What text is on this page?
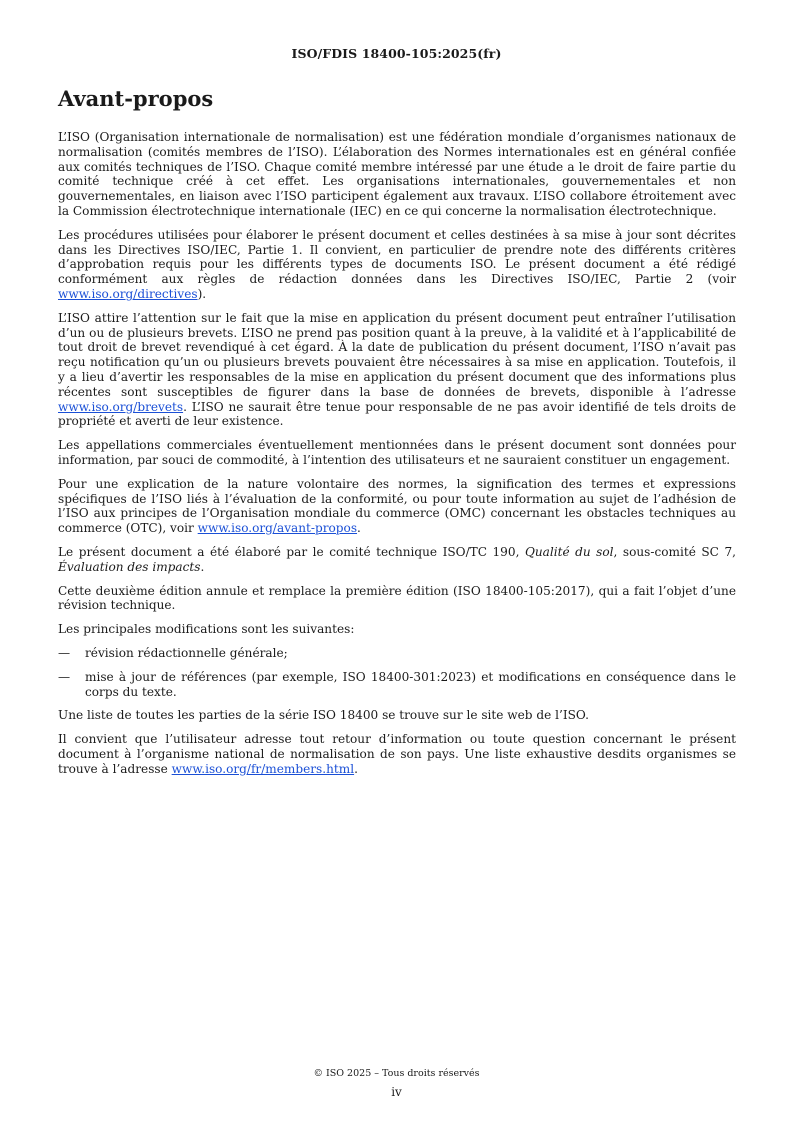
ISO/FDIS 18400-105:2025(fr)
Avant-propos

L’ISO (Organisation internationale de normalisation) est une fédération mondiale d’organismes nationaux de normalisation (comités membres de l’ISO). L’élaboration des Normes internationales est en général confiée aux comités techniques de l’ISO. Chaque comité membre intéressé par une étude a le droit de faire partie du comité technique créé à cet effet. Les organisations internationales, gouvernementales et non gouvernementales, en liaison avec l’ISO participent également aux travaux. L’ISO collabore étroitement avec la Commission électrotechnique internationale (IEC) en ce qui concerne la normalisation électrotechnique.

Les procédures utilisées pour élaborer le présent document et celles destinées à sa mise à jour sont décrites dans les Directives ISO/IEC, Partie 1. Il convient, en particulier de prendre note des différents critères d’approbation requis pour les différents types de documents ISO. Le présent document a été rédigé conformément aux règles de rédaction données dans les Directives ISO/IEC, Partie 2 (voir www.iso.org/directives).

L’ISO attire l’attention sur le fait que la mise en application du présent document peut entraîner l’utilisation d’un ou de plusieurs brevets. L’ISO ne prend pas position quant à la preuve, à la validité et à l’applicabilité de tout droit de brevet revendiqué à cet égard. À la date de publication du présent document, l’ISO n’avait pas reçu notification qu’un ou plusieurs brevets pouvaient être nécessaires à sa mise en application. Toutefois, il y a lieu d’avertir les responsables de la mise en application du présent document que des informations plus récentes sont susceptibles de figurer dans la base de données de brevets, disponible à l’adresse www.iso.org/brevets. L’ISO ne saurait être tenue pour responsable de ne pas avoir identifié de tels droits de propriété et averti de leur existence.

Les appellations commerciales éventuellement mentionnées dans le présent document sont données pour information, par souci de commodité, à l’intention des utilisateurs et ne sauraient constituer un engagement.

Pour une explication de la nature volontaire des normes, la signification des termes et expressions spécifiques de l’ISO liés à l’évaluation de la conformité, ou pour toute information au sujet de l’adhésion de l’ISO aux principes de l’Organisation mondiale du commerce (OMC) concernant les obstacles techniques au commerce (OTC), voir www.iso.org/avant-propos.

Le présent document a été élaboré par le comité technique ISO/TC 190, Qualité du sol, sous-comité SC 7, Évaluation des impacts.

Cette deuxième édition annule et remplace la première édition (ISO 18400-105:2017), qui a fait l’objet d’une révision technique.

Les principales modifications sont les suivantes:

—	révision rédactionnelle générale;
—	mise à jour de références (par exemple, ISO 18400-301:2023) et modifications en conséquence dans le corps du texte.

Une liste de toutes les parties de la série ISO 18400 se trouve sur le site web de l’ISO.

Il convient que l’utilisateur adresse tout retour d’information ou toute question concernant le présent document à l’organisme national de normalisation de son pays. Une liste exhaustive desdits organismes se trouve à l’adresse www.iso.org/fr/members.html.

© ISO 2025 – Tous droits réservés
iv
